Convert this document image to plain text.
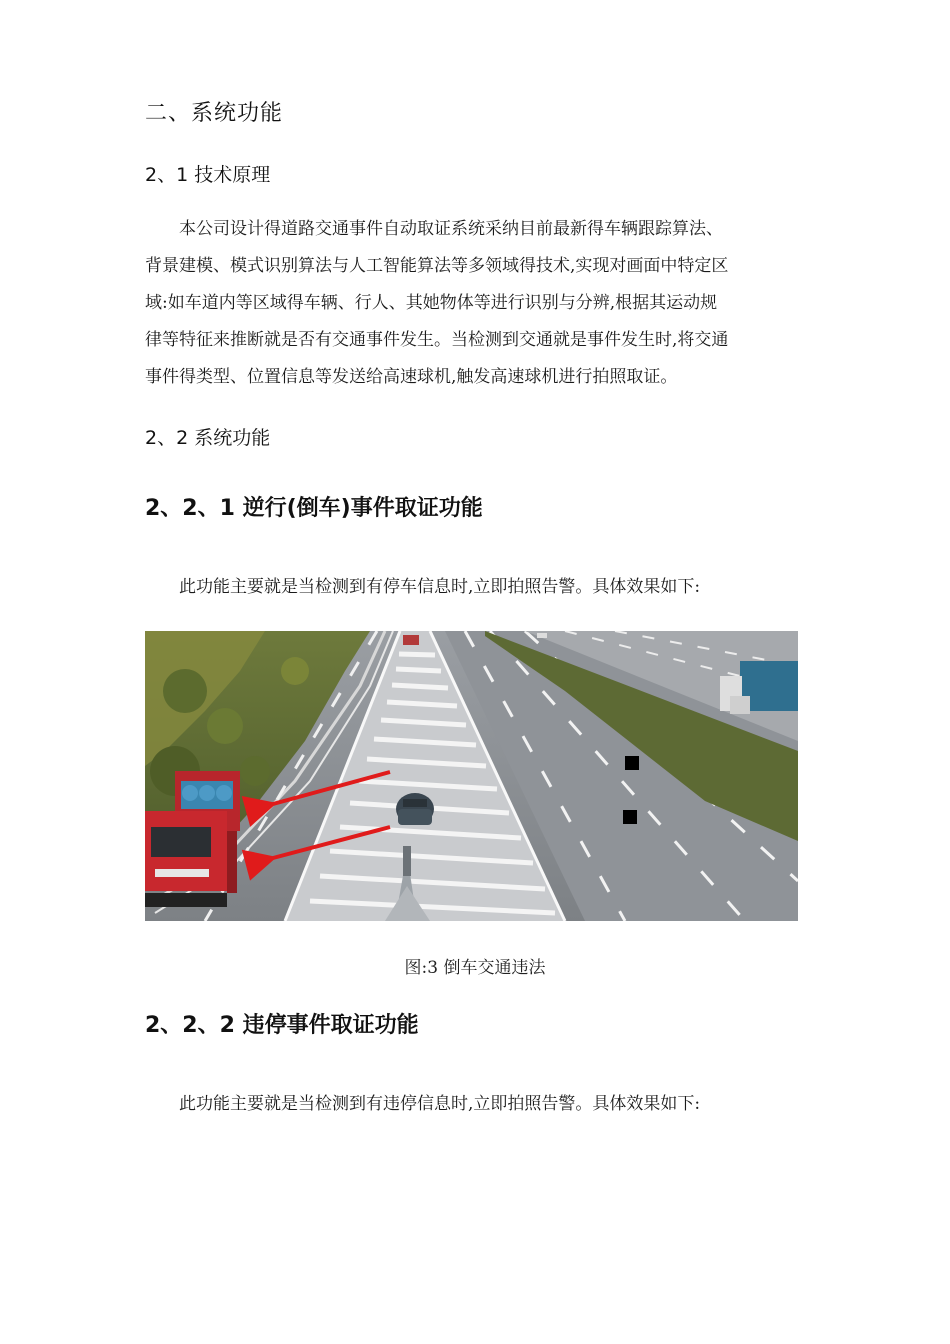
二、系统功能
2、1 技术原理

本公司设计得道路交通事件自动取证系统采纳目前最新得车辆跟踪算法、
背景建模、模式识别算法与人工智能算法等多领域得技术,实现对画面中特定区
域:如车道内等区域得车辆、行人、其她物体等进行识别与分辨,根据其运动规
律等特征来推断就是否有交通事件发生。当检测到交通就是事件发生时,将交通
事件得类型、位置信息等发送给高速球机,触发高速球机进行拍照取证。

2、2 系统功能
2、2、1 逆行(倒车)事件取证功能

此功能主要就是当检测到有停车信息时,立即拍照告警。具体效果如下:

图:3 倒车交通违法
2、2、2 违停事件取证功能

此功能主要就是当检测到有违停信息时,立即拍照告警。具体效果如下:
